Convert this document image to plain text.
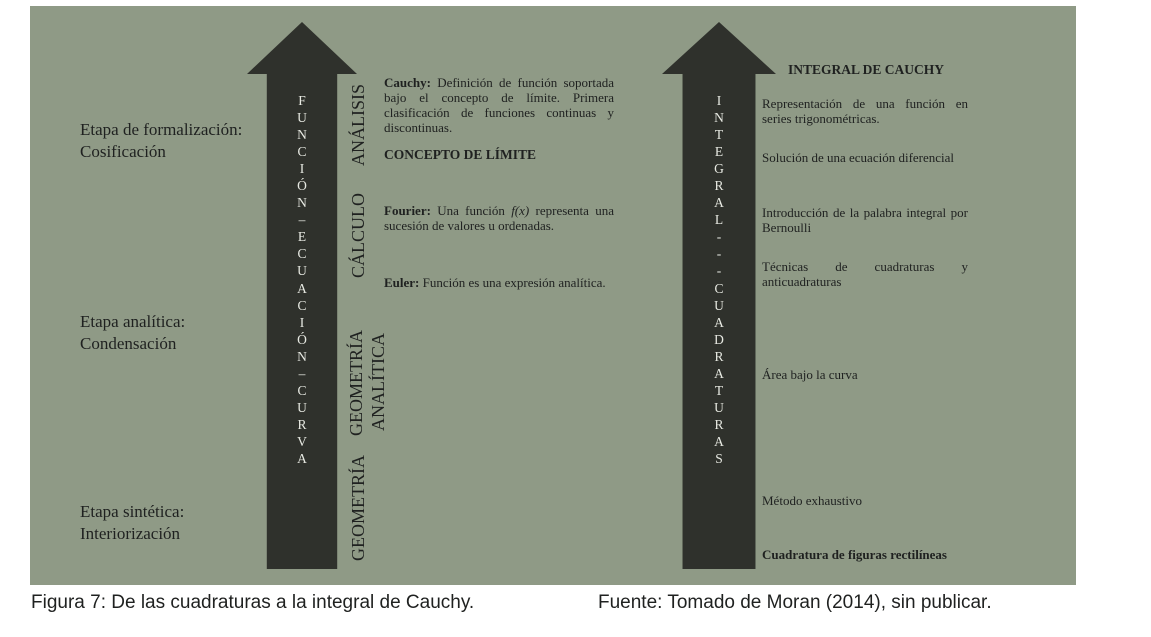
F
U
N
C
I
Ó
N
–
E
C
U
A
C
I
Ó
N
–
C
U
R
V
A
I
N
T
E
G
R
A
L
-
-
-
C
U
A
D
R
A
T
U
R
A
S
Etapa de formalización:
Cosificación
Etapa analítica:
Condensación
Etapa sintética:
Interiorización
ANÁLISIS
CÁLCULO
GEOMETRÍA ANALÍTICA
GEOMETRÍA
Cauchy: Definición de función soportada bajo el concepto de límite. Primera clasificación de funciones continuas y discontinuas.
CONCEPTO DE LÍMITE
Fourier: Una función f(x) representa una sucesión de valores u ordenadas.
Euler: Función es una expresión analítica.
INTEGRAL DE CAUCHY
Representación de una función en series trigonométricas.
Solución de una ecuación diferencial
Introducción de la palabra integral por Bernoulli
Técnicas de cuadraturas y anticuadraturas
Área bajo la curva
Método exhaustivo
Cuadratura de figuras rectilíneas
Figura 7: De las cuadraturas a la integral de Cauchy.	Fuente: Tomado de Moran (2014), sin publicar.
